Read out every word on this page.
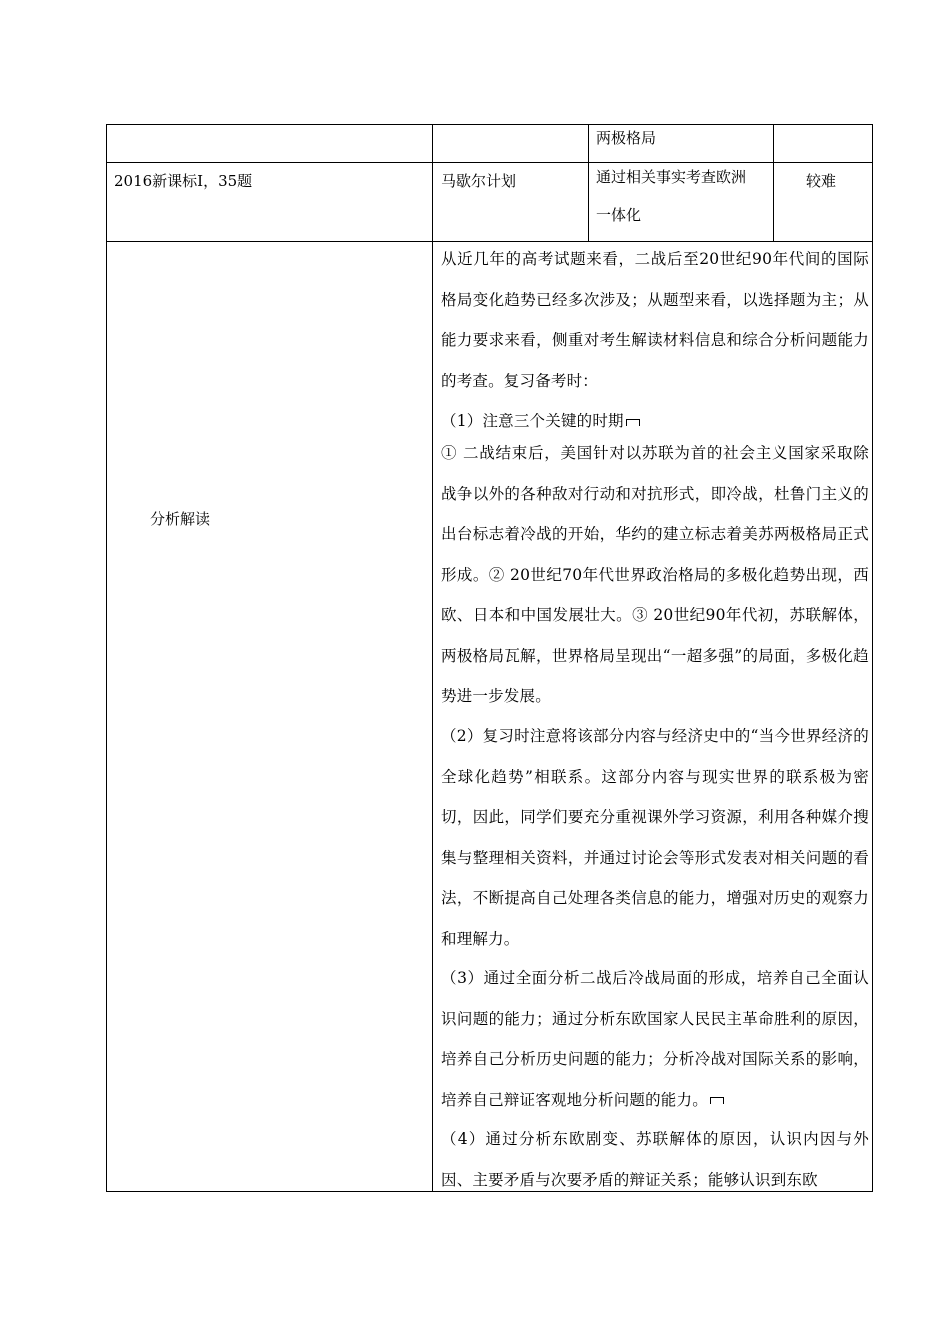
两极格局
2016新课标Ⅰ，35题	马歇尔计划	通过相关事实考查欧洲
一体化
较难
分析解读
从近几年的高考试题来看，二战后至20世纪90年代间的国际格局变化趋势已经多次涉及；从题型来看，以选择题为主；从能力要求来看，侧重对考生解读材料信息和综合分析问题能力的考查。复习备考时：
（1）注意三个关键的时期
① 二战结束后，美国针对以苏联为首的社会主义国家采取除战争以外的各种敌对行动和对抗形式，即冷战，杜鲁门主义的出台标志着冷战的开始，华约的建立标志着美苏两极格局正式形成。② 20世纪70年代世界政治格局的多极化趋势出现，西欧、日本和中国发展壮大。③ 20世纪90年代初，苏联解体，两极格局瓦解，世界格局呈现出“一超多强”的局面，多极化趋势进一步发展。
（2）复习时注意将该部分内容与经济史中的“当今世界经济的全球化趋势”相联系。这部分内容与现实世界的联系极为密切，因此，同学们要充分重视课外学习资源，利用各种媒介搜集与整理相关资料，并通过讨论会等形式发表对相关问题的看法，不断提高自己处理各类信息的能力，增强对历史的观察力和理解力。
（3）通过全面分析二战后冷战局面的形成，培养自己全面认识问题的能力；通过分析东欧国家人民民主革命胜利的原因，培养自己分析历史问题的能力；分析冷战对国际关系的影响，培养自己辩证客观地分析问题的能力。
（4）通过分析东欧剧变、苏联解体的原因，认识内因与外因、主要矛盾与次要矛盾的辩证关系；能够认识到东欧
